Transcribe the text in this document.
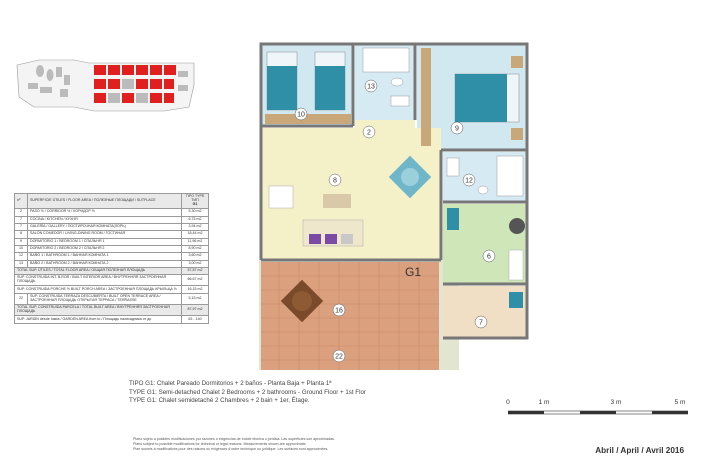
nº	SUPERFICIE ÚTILES / FLOOR AREA / ПОЛЕЗНЫЕ ПЛОЩАДИ / SUTFLACE	TIPO TYPE TИП
G1
2	PASO ½ / CORRIDOR ½ / КОРИДОР ½	5,30 m2
7	COCINA / KITCHEN / КУХНЯ	6,75 m2
7	GALERÍA / GALLERY / ПОСТИРОЧНАЯ КОМНАТА(ЛОРЬ)	3,94 m2
8	SALÓN COMEDOR / LIVING-DINING ROOM / ГОСТИНАЯ	18,44 m2
9	DORMITORIO 1 / BEDROOM 1 / СПАЛЬНЯ 1	11,96 m2
10	DORMITORIO 2 / BEDROOM 2 / СПАЛЬНЯ 2	8,90 m2
12	BAÑO 1 / BATHROOM 1 / ВАННАЯ КОМНАТА 1	3,60 m2
13	BAÑO 2 / BATHROOM 2 / ВАННАЯ КОМНАТА 2	3,00 m2
TOTAL SUP. ÚTILES / TOTAL FLOOR AREA / ОБЩАЯ ПОЛЕЗНАЯ ПЛОЩАДЬ		57,57 m2
SUP. CONSTRUIDA INT. B.ROR / BUILT INTERIOR AREA / ВНУТРЕННЯЯ ЗАСТРОЕННАЯ ПЛОЩАДЬ		66,67 m2
SUP. CONSTRUIDA PORCHE ½ BUILT PORCH AREA / ЗАСТРОЕННАЯ ПЛОЩАДЬ КРЫЛЬЦА ½		16,15 m2
22	SUP. CONSTRUIDA TERRAZA DESCUBIERTA / BUILT OPEN TERRACE AREA / ЗАСТРОЕННАЯ ПЛОЩАДЬ ОТКРЫТАЯ ТЕРРАСА / TERRASSE	5,15 m2
TOTAL SUP. CONSTRUIDA PARCELA / TOTAL BUILT AREA / ВНУТРЕННЯЯ ЗАСТРОЕННАЯ ПЛОЩАДЬ		87,97 m2
SUP. JARDÍN desde hasta / GARDEN AREA from to / Площадь палисадника от до		63 - 140
2
6
7
8
9
10
12
13
16
22
G1
TIPO G1: Chalet Pareado Dormitorios + 2 baños - Planta Baja + Planta 1ª
TYPE G1: Semi-detached Chalet 2 Bedrooms + 2 bathrooms - Ground Floor + 1st Flor
TYPE G1: Chalet semidetaché 2 Chambres + 2 bain + 1er, Étage.	0	1 m	3 m	5 m
Plano sujeto a posibles modificaciones por razones o exigencias de índole técnica o jurídica. Las superficies son aproximadas.
Plans subject to possible modifications for technical or legal reasons. Measurements shown are approximate.
Plan soumis à modifications pour des raisons ou exigences d'ordre technique ou juridique. Les surfaces sont approximées.	Abril / April / Avril 2016
